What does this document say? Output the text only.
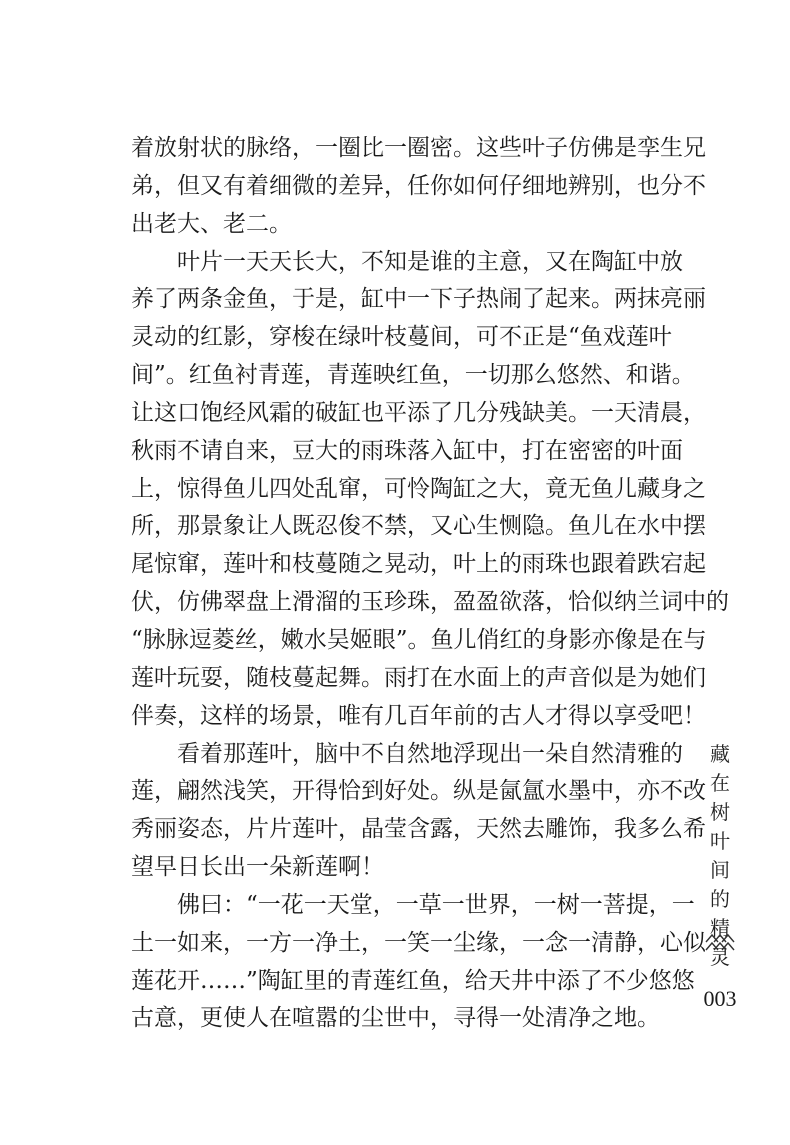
着放射状的脉络，一圈比一圈密。这些叶子仿佛是孪生兄
弟，但又有着细微的差异，任你如何仔细地辨别，也分不
出老大、老二。
叶片一天天长大，不知是谁的主意，又在陶缸中放
养了两条金鱼，于是，缸中一下子热闹了起来。两抹亮丽
灵动的红影，穿梭在绿叶枝蔓间，可不正是“鱼戏莲叶
间”。红鱼衬青莲，青莲映红鱼，一切那么悠然、和谐。
让这口饱经风霜的破缸也平添了几分残缺美。一天清晨，
秋雨不请自来，豆大的雨珠落入缸中，打在密密的叶面
上，惊得鱼儿四处乱窜，可怜陶缸之大，竟无鱼儿藏身之
所，那景象让人既忍俊不禁，又心生恻隐。鱼儿在水中摆
尾惊窜，莲叶和枝蔓随之晃动，叶上的雨珠也跟着跌宕起
伏，仿佛翠盘上滑溜的玉珍珠，盈盈欲落，恰似纳兰词中的
“脉脉逗菱丝，嫩水吴姬眼”。鱼儿俏红的身影亦像是在与
莲叶玩耍，随枝蔓起舞。雨打在水面上的声音似是为她们
伴奏，这样的场景，唯有几百年前的古人才得以享受吧！
看着那莲叶，脑中不自然地浮现出一朵自然清雅的
莲，翩然浅笑，开得恰到好处。纵是氤氲水墨中，亦不改
秀丽姿态，片片莲叶，晶莹含露，天然去雕饰，我多么希
望早日长出一朵新莲啊！
佛曰：“一花一天堂，一草一世界，一树一菩提，一
土一如来，一方一净土，一笑一尘缘，一念一清静，心似
莲花开……”陶缸里的青莲红鱼，给天井中添了不少悠悠
古意，更使人在喧嚣的尘世中，寻得一处清净之地。
藏
在
树
叶
间
的
精
灵
003
